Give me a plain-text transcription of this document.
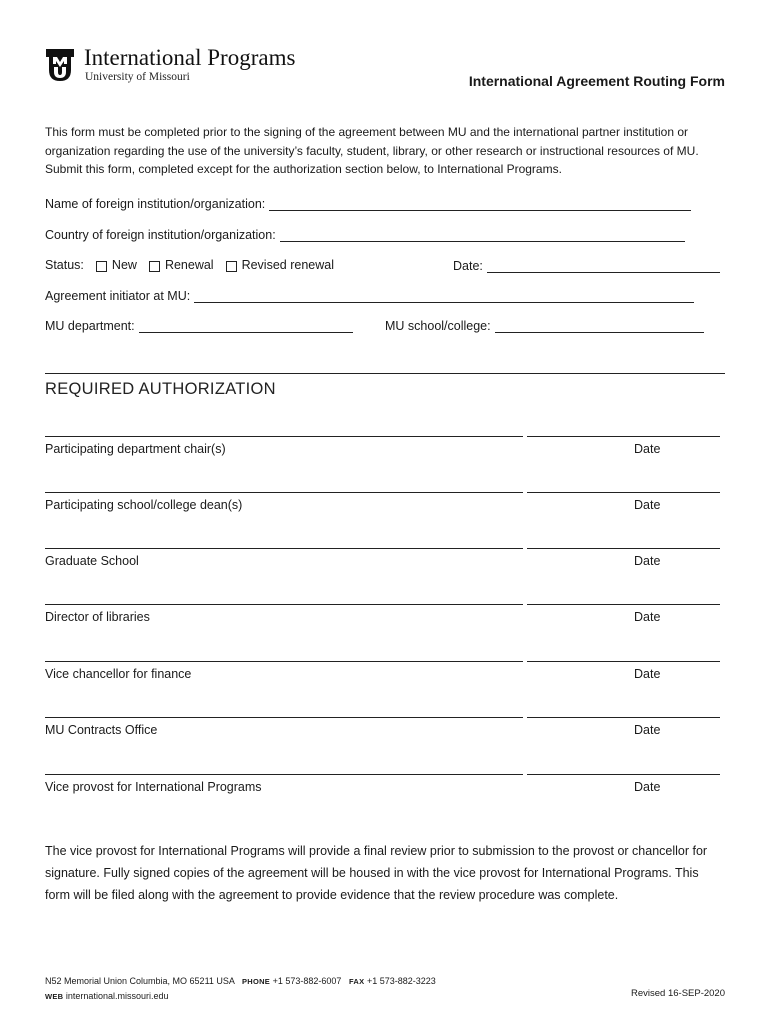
International Programs
University of Missouri	International Agreement Routing Form
This form must be completed prior to the signing of the agreement between MU and the international partner institution or organization regarding the use of the university’s faculty, student, library, or other research or instructional resources of MU. Submit this form, completed except for the authorization section below, to International Programs.
Name of foreign institution/organization:
Country of foreign institution/organization:
Status: New Renewal Revised renewal	Date:
Agreement initiator at MU:
MU department:	MU school/college:
REQUIRED AUTHORIZATION
Participating department chair(s)	Date
Participating school/college dean(s)	Date
Graduate School	Date
Director of libraries	Date
Vice chancellor for finance	Date
MU Contracts Office	Date
Vice provost for International Programs	Date
The vice provost for International Programs will provide a final review prior to submission to the provost or chancellor for signature. Fully signed copies of the agreement will be housed in with the vice provost for International Programs. This form will be filed along with the agreement to provide evidence that the review procedure was complete.
N52 Memorial Union Columbia, MO 65211 USA PHONE +1 573-882-6007 FAX +1 573-882-3223
WEB international.missouri.edu	Revised 16-SEP-2020
